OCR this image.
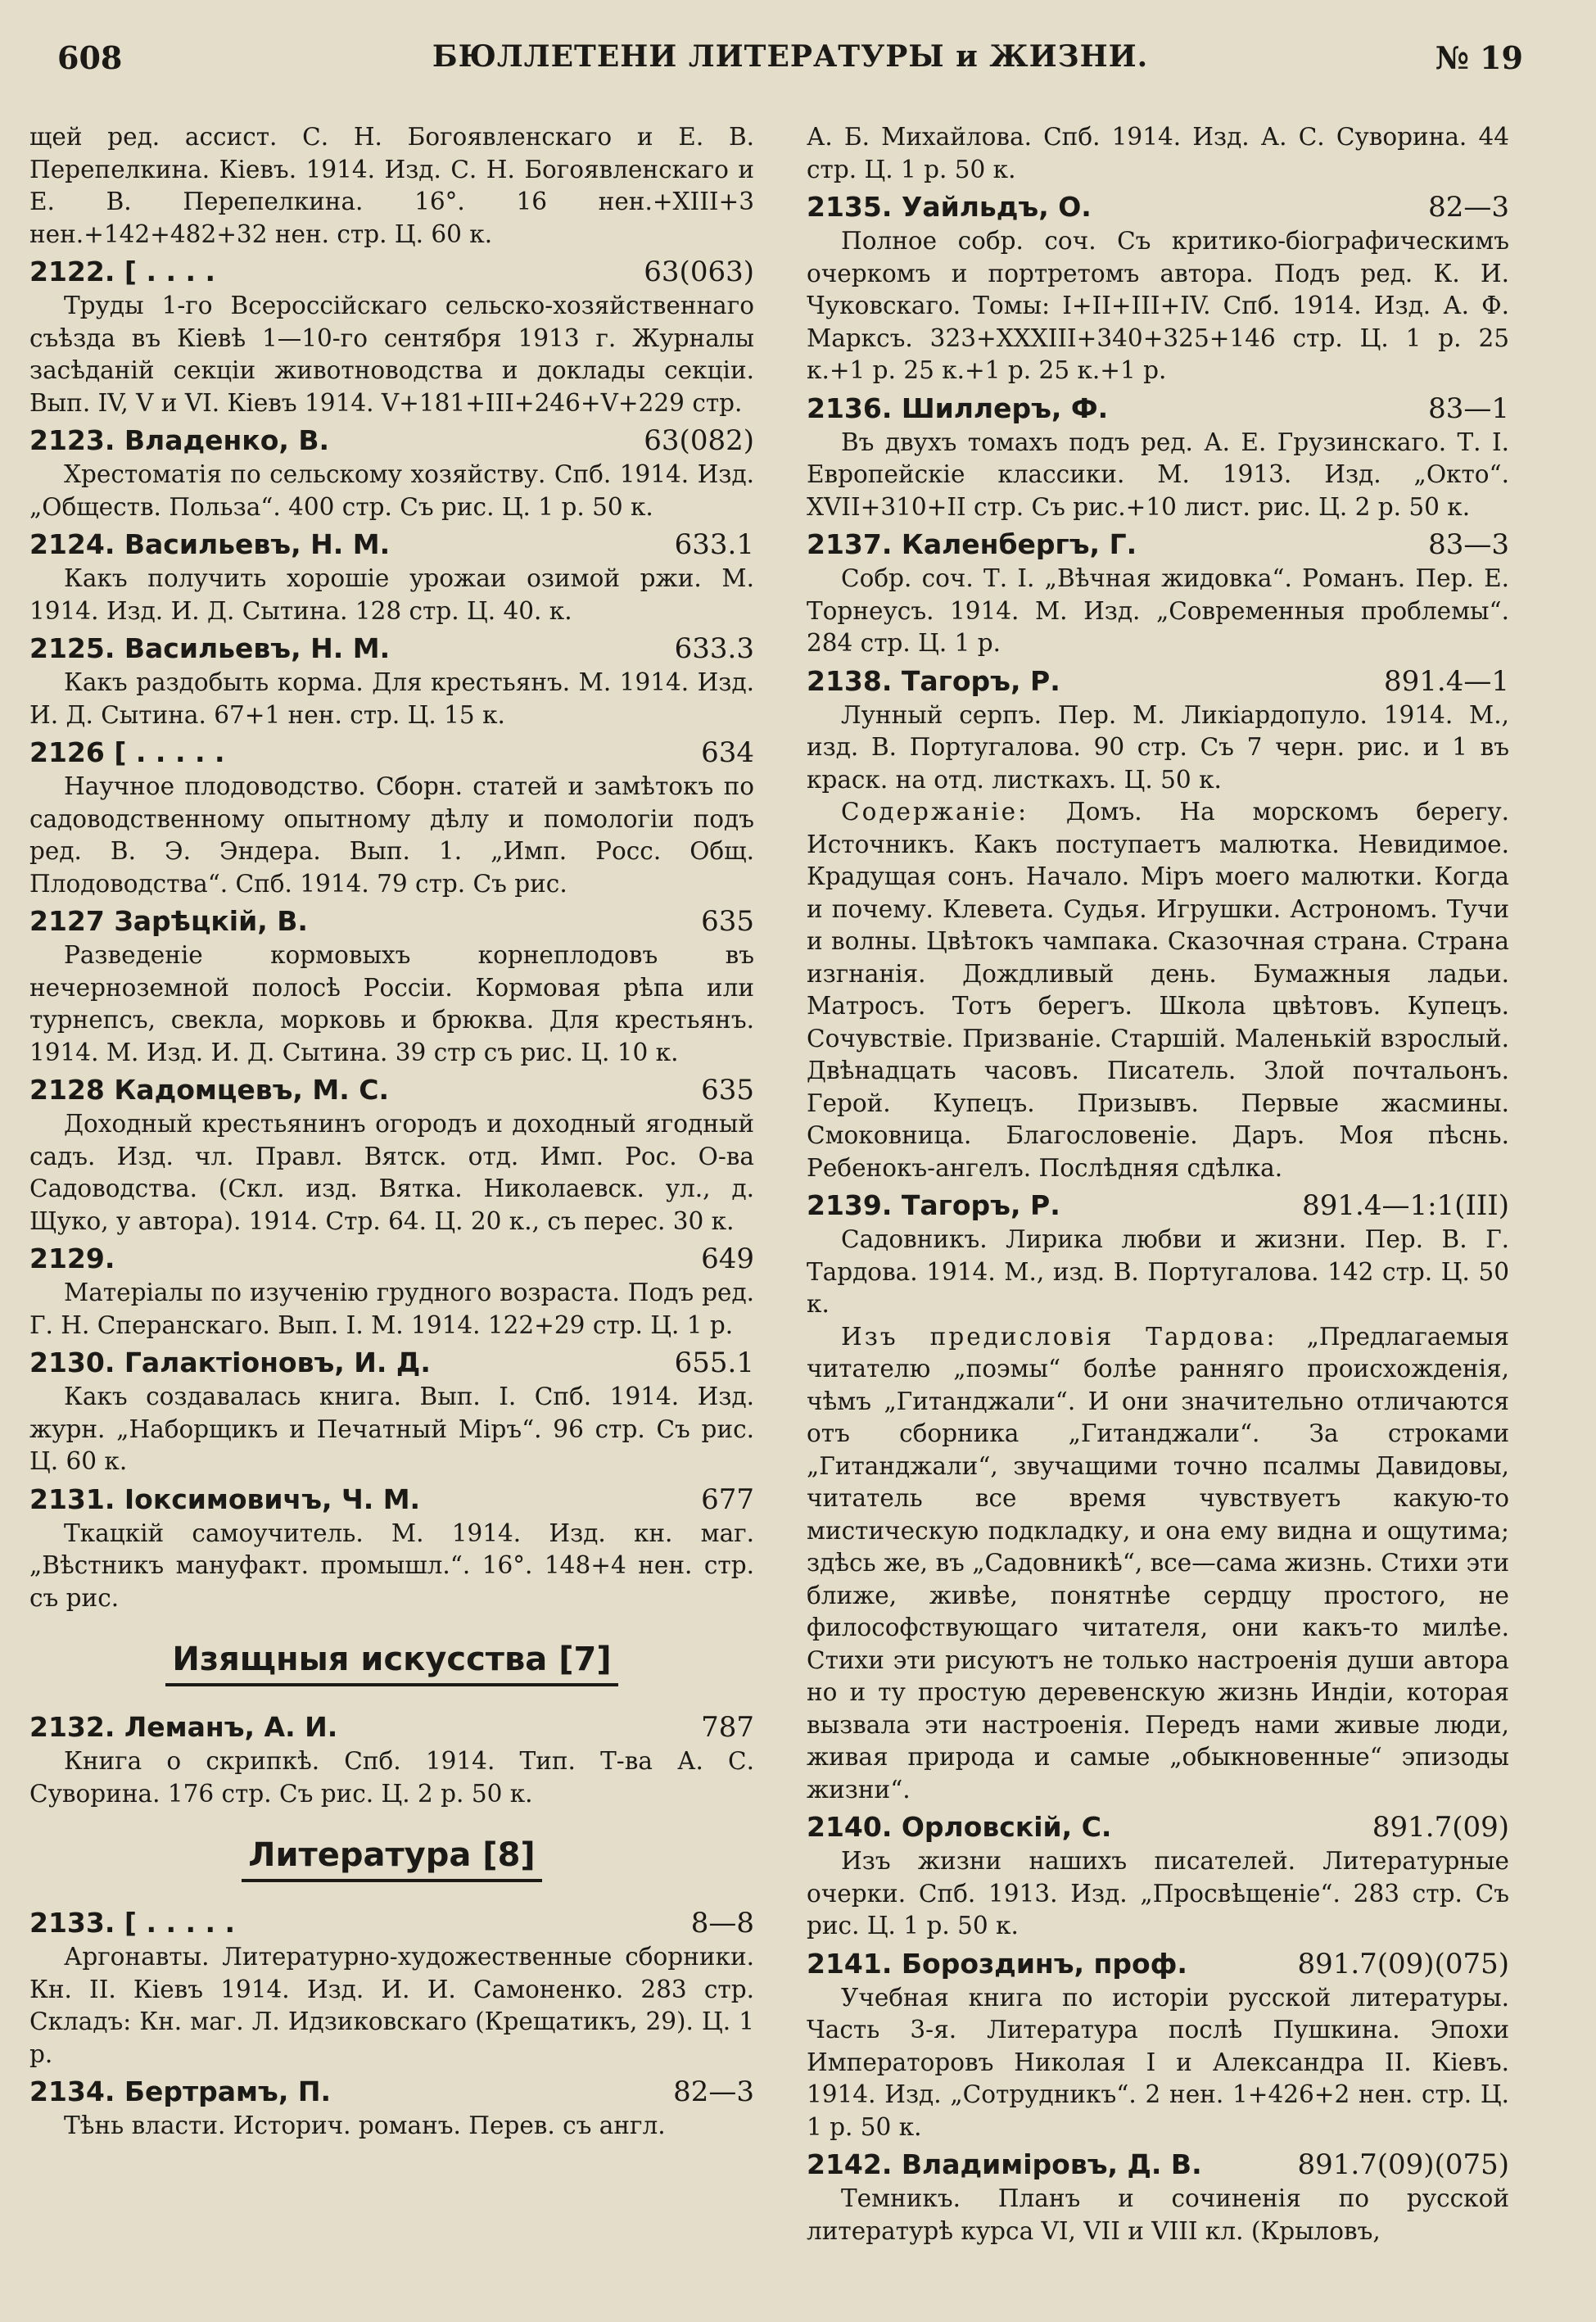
608	БЮЛЛЕТЕНИ ЛИТЕРАТУРЫ и ЖИЗНИ.	№ 19
щей ред. ассист. С. Н. Богоявленскаго и Е. В. Перепелкина. Кіевъ. 1914. Изд. С. Н. Богоявленскаго и Е. В. Перепелкина. 16°. 16 нен.+XIII+3 нен.+142+482+32 нен. стр. Ц. 60 к.
2122. [ . . . .	63(063)
Труды 1-го Всероссійскаго сельско-хозяйственнаго съѣзда въ Кіевѣ 1—10-го сентября 1913 г. Журналы засѣданій секціи животноводства и доклады секціи. Вып. IV, V и VI. Кіевъ 1914. V+181+III+246+V+229 стр.
2123. Владенко, В.	63(082)
Хрестоматія по сельскому хозяйству. Спб. 1914. Изд. „Обществ. Польза“. 400 стр. Съ рис. Ц. 1 р. 50 к.
2124. Васильевъ, Н. М.	633.1
Какъ получить хорошіе урожаи озимой ржи. М. 1914. Изд. И. Д. Сытина. 128 стр. Ц. 40. к.
2125. Васильевъ, Н. М.	633.3
Какъ раздобыть корма. Для крестьянъ. М. 1914. Изд. И. Д. Сытина. 67+1 нен. стр. Ц. 15 к.
2126 [ . . . . .	634
Научное плодоводство. Сборн. статей и замѣтокъ по садоводственному опытному дѣлу и помологіи подъ ред. В. Э. Эндера. Вып. 1. „Имп. Росс. Общ. Плодоводства“. Спб. 1914. 79 стр. Съ рис.
2127 Зарѣцкій, В.	635
Разведеніе кормовыхъ корнеплодовъ въ нечерноземной полосѣ Россіи. Кормовая рѣпа или турнепсъ, свекла, морковь и брюква. Для крестьянъ. 1914. М. Изд. И. Д. Сытина. 39 стр съ рис. Ц. 10 к.
2128 Кадомцевъ, М. С.	635
Доходный крестьянинъ огородъ и доходный ягодный садъ. Изд. чл. Правл. Вятск. отд. Имп. Рос. О-ва Садоводства. (Скл. изд. Вятка. Николаевск. ул., д. Щуко, у автора). 1914. Стр. 64. Ц. 20 к., съ перес. 30 к.
2129.	649
Матеріалы по изученію грудного возраста. Подъ ред. Г. Н. Сперанскаго. Вып. I. М. 1914. 122+29 стр. Ц. 1 р.
2130. Галактіоновъ, И. Д.	655.1
Какъ создавалась книга. Вып. I. Спб. 1914. Изд. журн. „Наборщикъ и Печатный Міръ“. 96 стр. Съ рис. Ц. 60 к.
2131. Іоксимовичъ, Ч. М.	677
Ткацкій самоучитель. М. 1914. Изд. кн. маг. „Вѣстникъ мануфакт. промышл.“. 16°. 148+4 нен. стр. съ рис.
Изящныя искусства [7]
2132. Леманъ, А. И.	787
Книга о скрипкѣ. Спб. 1914. Тип. Т-ва А. С. Суворина. 176 стр. Съ рис. Ц. 2 р. 50 к.
Литература [8]
2133. [ . . . . .	8—8
Аргонавты. Литературно-художественные сборники. Кн. II. Кіевъ 1914. Изд. И. И. Самоненко. 283 стр. Складъ: Кн. маг. Л. Идзиковскаго (Крещатикъ, 29). Ц. 1 р.
2134. Бертрамъ, П.	82—3
Тѣнь власти. Историч. романъ. Перев. съ англ.
А. Б. Михайлова. Спб. 1914. Изд. А. С. Суворина. 44 стр. Ц. 1 р. 50 к.
2135. Уайльдъ, О.	82—3
Полное собр. соч. Съ критико-біографическимъ очеркомъ и портретомъ автора. Подъ ред. К. И. Чуковскаго. Томы: I+II+III+IV. Спб. 1914. Изд. А. Ф. Марксъ. 323+XXXIII+340+325+146 стр. Ц. 1 р. 25 к.+1 р. 25 к.+1 р. 25 к.+1 р.
2136. Шиллеръ, Ф.	83—1
Въ двухъ томахъ подъ ред. А. Е. Грузинскаго. Т. I. Европейскіе классики. М. 1913. Изд. „Окто“. XVII+310+II стр. Съ рис.+10 лист. рис. Ц. 2 р. 50 к.
2137. Каленбергъ, Г.	83—3
Собр. соч. Т. I. „Вѣчная жидовка“. Романъ. Пер. Е. Торнеусъ. 1914. М. Изд. „Современныя проблемы“. 284 стр. Ц. 1 р.
2138. Тагоръ, Р.	891.4—1
Лунный серпъ. Пер. М. Ликіардопуло. 1914. М., изд. В. Португалова. 90 стр. Съ 7 черн. рис. и 1 въ краск. на отд. листкахъ. Ц. 50 к.
Содержаніе: Домъ. На морскомъ берегу. Источникъ. Какъ поступаетъ малютка. Невидимое. Крадущая сонъ. Начало. Міръ моего малютки. Когда и почему. Клевета. Судья. Игрушки. Астрономъ. Тучи и волны. Цвѣтокъ чампака. Сказочная страна. Страна изгнанія. Дождливый день. Бумажныя ладьи. Матросъ. Тотъ берегъ. Школа цвѣтовъ. Купецъ. Сочувствіе. Призваніе. Старшій. Маленькій взрослый. Двѣнадцать часовъ. Писатель. Злой почтальонъ. Герой. Купецъ. Призывъ. Первые жасмины. Смоковница. Благословеніе. Даръ. Моя пѣснь. Ребенокъ-ангелъ. Послѣдняя сдѣлка.
2139. Тагоръ, Р.	891.4—1:1(III)
Садовникъ. Лирика любви и жизни. Пер. В. Г. Тардова. 1914. М., изд. В. Португалова. 142 стр. Ц. 50 к.
Изъ предисловія Тардова: „Предлагаемыя читателю „поэмы“ болѣе ранняго происхожденія, чѣмъ „Гитанджали“. И они значительно отличаются отъ сборника „Гитанджали“. За строками „Гитанджали“, звучащими точно псалмы Давидовы, читатель все время чувствуетъ какую-то мистическую подкладку, и она ему видна и ощутима; здѣсь же, въ „Садовникѣ“, все—сама жизнь. Стихи эти ближе, живѣе, понятнѣе сердцу простого, не философствующаго читателя, они какъ-то милѣе. Стихи эти рисуютъ не только настроенія души автора но и ту простую деревенскую жизнь Индіи, которая вызвала эти настроенія. Передъ нами живые люди, живая природа и самые „обыкновенные“ эпизоды жизни“.
2140. Орловскій, С.	891.7(09)
Изъ жизни нашихъ писателей. Литературные очерки. Спб. 1913. Изд. „Просвѣщеніе“. 283 стр. Съ рис. Ц. 1 р. 50 к.
2141. Бороздинъ, проф.	891.7(09)(075)
Учебная книга по исторіи русской литературы. Часть 3-я. Литература послѣ Пушкина. Эпохи Императоровъ Николая I и Александра II. Кіевъ. 1914. Изд. „Сотрудникъ“. 2 нен. 1+426+2 нен. стр. Ц. 1 р. 50 к.
2142. Владиміровъ, Д. В.	891.7(09)(075)
Темникъ. Планъ и сочиненія по русской литературѣ курса VI, VII и VIII кл. (Крыловъ,
